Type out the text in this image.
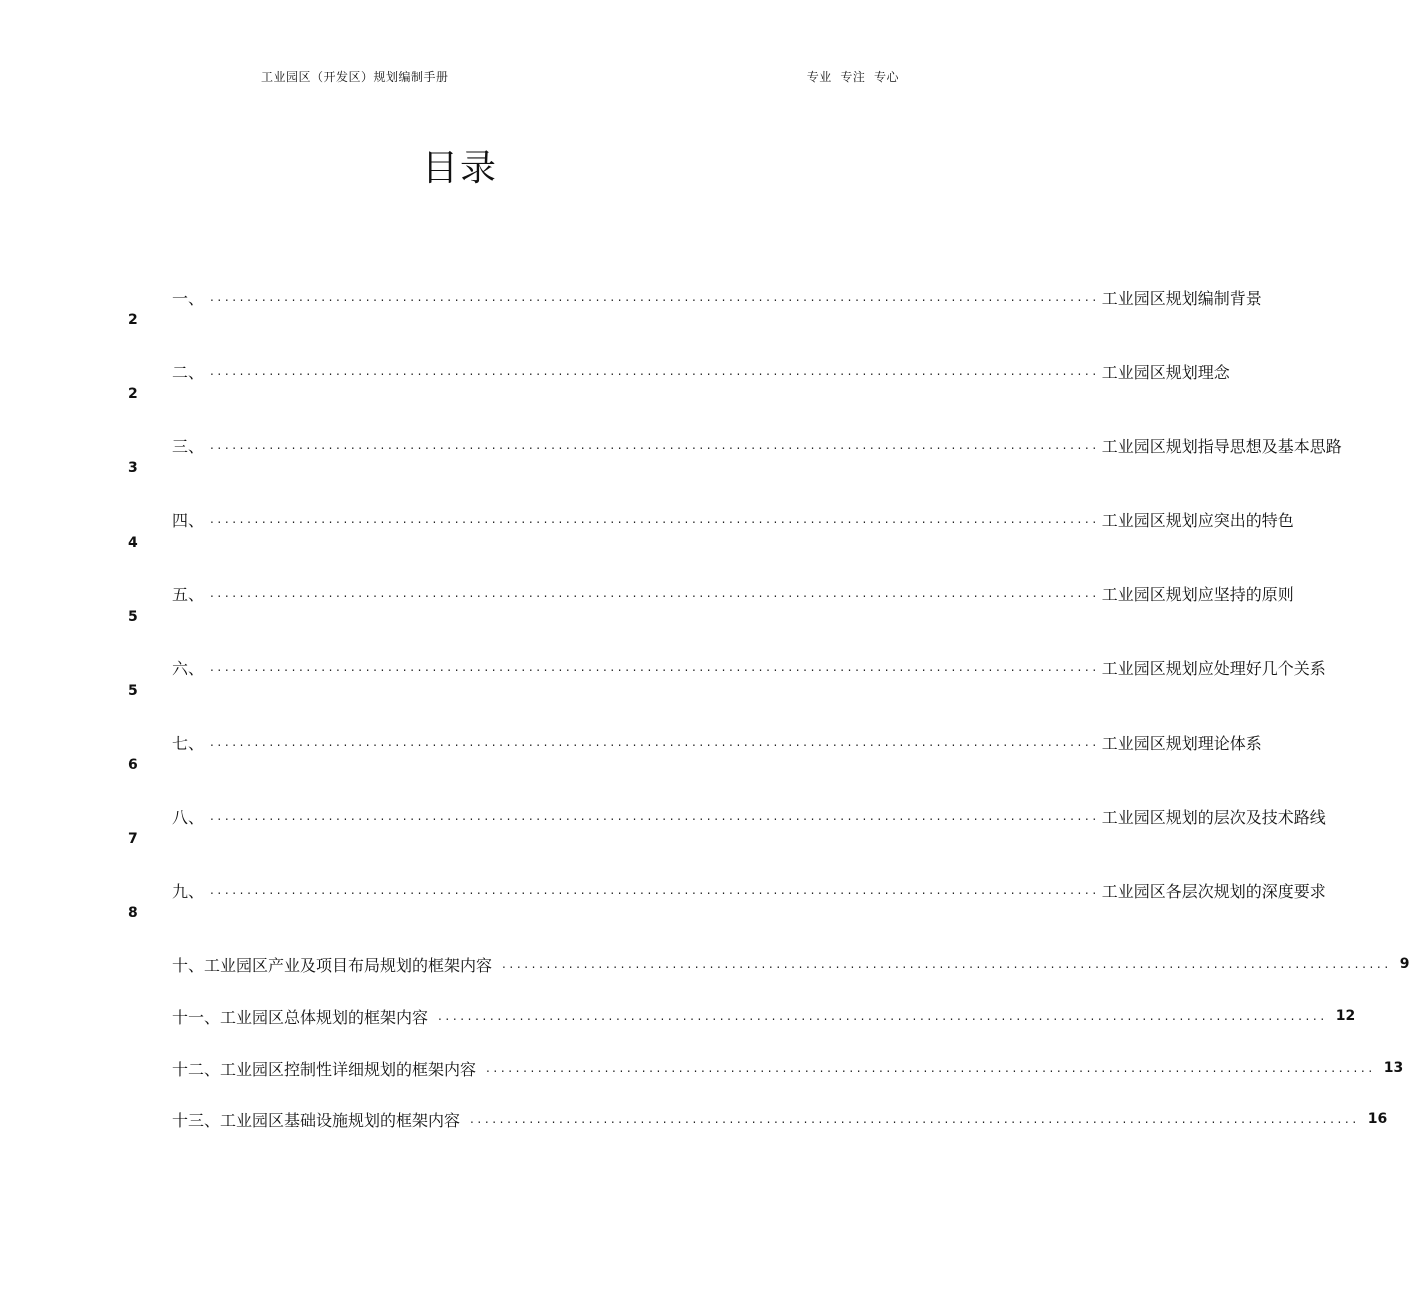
工业园区（开发区）规划编制手册	专业  专注  专心
目录
一、 ........................................................................................................................ 工业园区规划编制背景
2
二、 ........................................................................................................................ 工业园区规划理念
2
三、 ........................................................................................................................ 工业园区规划指导思想及基本思路
3
四、 ........................................................................................................................ 工业园区规划应突出的特色
4
五、 ........................................................................................................................ 工业园区规划应坚持的原则
5
六、 ........................................................................................................................ 工业园区规划应处理好几个关系
5
七、 ........................................................................................................................ 工业园区规划理论体系
6
八、 ........................................................................................................................ 工业园区规划的层次及技术路线
7
九、 ........................................................................................................................ 工业园区各层次规划的深度要求
8
十、工业园区产业及项目布局规划的框架内容 ........................................................................................................................ 9
十一、工业园区总体规划的框架内容 ........................................................................................................................ 12
十二、工业园区控制性详细规划的框架内容 ........................................................................................................................ 13
十三、工业园区基础设施规划的框架内容 ........................................................................................................................ 16
